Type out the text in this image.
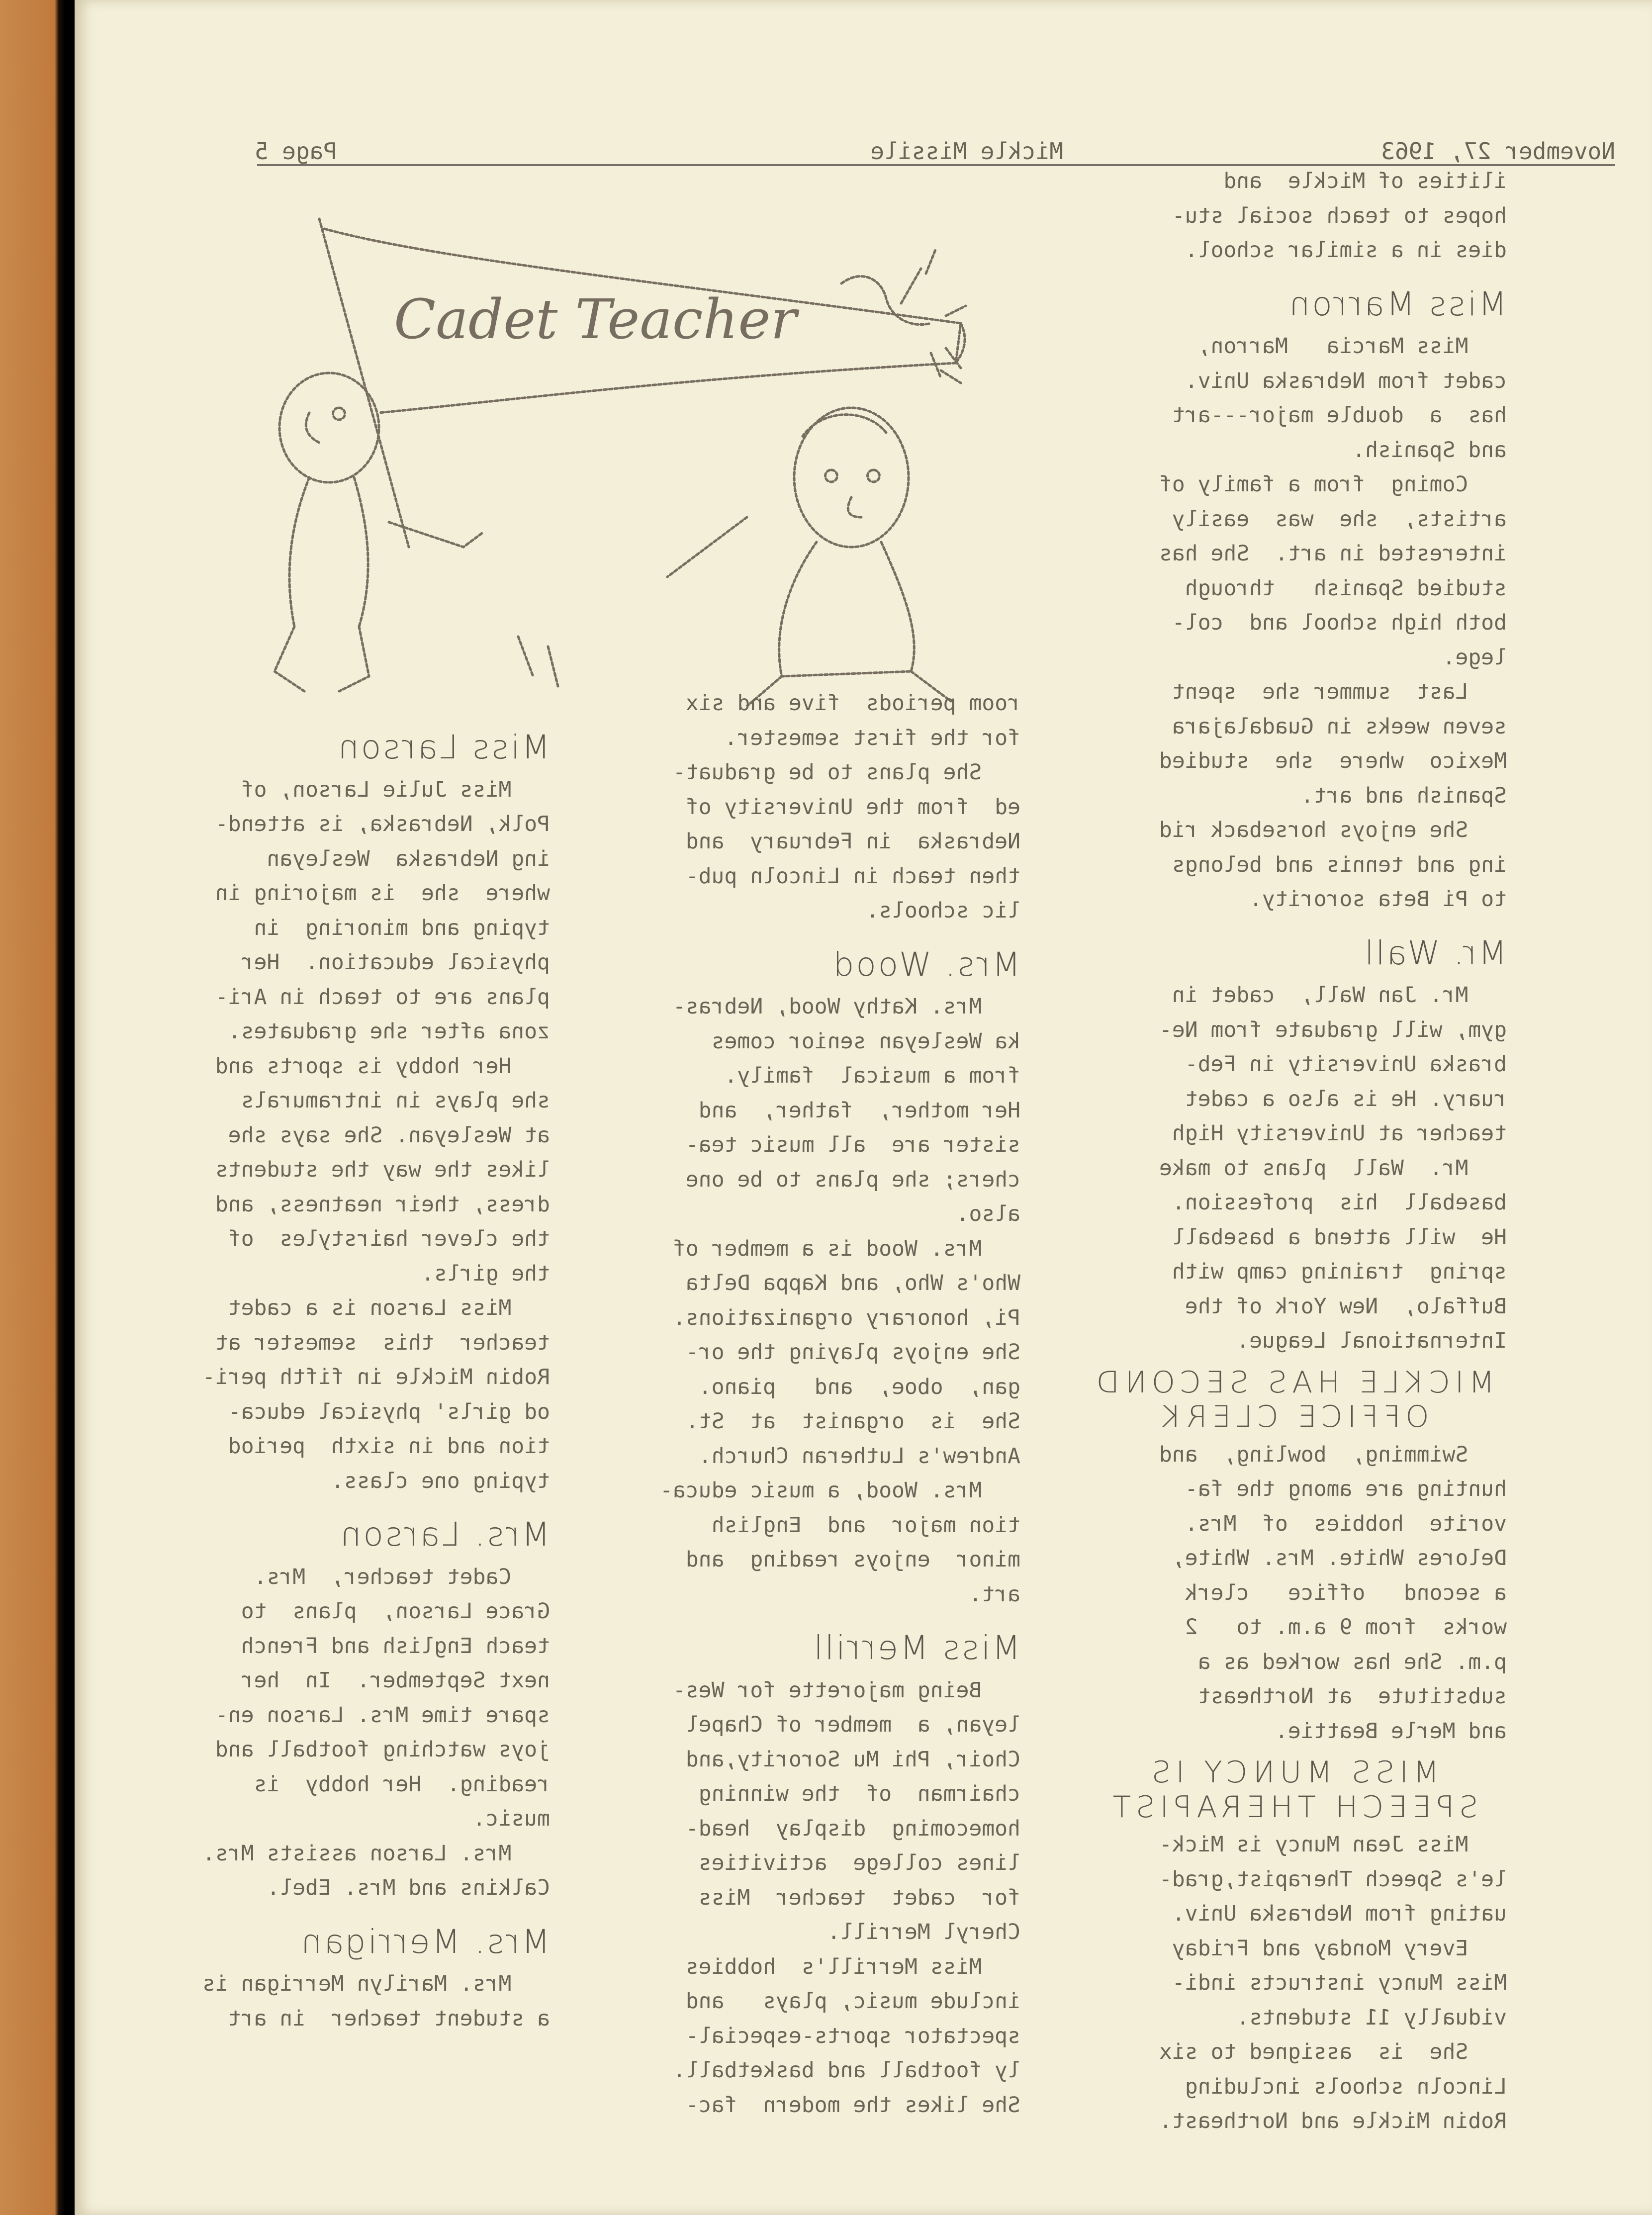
November 27, 1963
Mickle Missile
Page 5
Cadet Teacher
Miss Larson

Miss Julie Larson, of

Polk, Nebraska, is attend-

ing Nebraska  Wesleyan

where  she  is majoring in

typing and minoring  in

physical education.  Her

plans are to teach in Ari-

zona after she graduates.

Her hobby is sports and

she plays in intramurals

at Wesleyan. She says she

likes the way the students

dress, their neatness, and

the clever hairstyles  of

the girls.

Miss Larson is a cadet

teacher  this  semester at

Robin Mickle in fifth peri-

od girls' physical educa-

tion and in sixth  period

typing one class.

Mrs. Larson

Cadet teacher,  Mrs.

Grace Larson,  plans  to

teach English and French

next September.  In  her

spare time Mrs. Larson en-

joys watching football and

reading.  Her hobby  is

music.

Mrs. Larson assists Mrs.

Calkins and Mrs. Ebel.

Mrs. Merrigan

Mrs. Marilyn Merrigan is

a student teacher  in art

room periods  five and six

for the first semester.

She plans to be graduat-

ed  from the University of

Nebraska  in February  and

then teach in Lincoln pub-

lic schools.

Mrs. Wood

Mrs. Kathy Wood, Nebras-

ka Wesleyan senior comes

from a musical  family.

Her mother,  father,  and

sister are  all music tea-

chers; she plans to be one

also.

Mrs. Wood is a member of

Who's Who, and Kappa Delta

Pi, honorary organizations.

She enjoys playing the or-

gan,  oboe,  and   piano.

She  is  organist  at  St.

Andrew's Lutheran Church.

Mrs. Wood, a music educa-

tion major  and  English

minor  enjoys reading  and

art.

Miss Merrill

Being majorette for Wes-

leyan, a  member of Chapel

Choir, Phi Mu Sorority,and

chairman  of  the winning

homecoming  display  head-

lines college  activities

for  cadet  teacher  Miss

Cheryl Merrill.

Miss Merrill's  hobbies

include music, plays   and

spectator sports-especial-

ly football and basketball.

She likes the modern  fac-

ilities of Mickle  and

hopes to teach social stu-

dies in a similar school.

Miss Marron

Miss Marcia   Marron,

cadet from Nebraska Univ.

has  a  double major---art

and Spanish.

Coming  from a family of

artists,  she  was  easily

interested in art.  She has

studied Spanish   through

both high school and  col-

lege.

Last  summer she  spent

seven weeks in Guadalajara

Mexico  where  she  studied

Spanish and art.

She enjoys horseback rid

ing and tennis and belongs

to Pi Beta sorority.

Mr. Wall

Mr. Jan Wall,  cadet in

gym, will graduate from Ne-

braska University in Feb-

ruary. He is also a cadet

teacher at University High

Mr.  Wall  plans to make

baseball  his  profession.

He  will attend a baseball

spring  training camp with

Buffalo,  New York of the

International League.

MICKLE HAS SECOND OFFICE CLERK

Swimming,  bowling,  and

hunting are among the fa-

vorite  hobbies  of  Mrs.

Delores White. Mrs. White,

a second   office   clerk

works  from 9 a.m. to   2

p.m. She has worked as a

substitute  at Northeast

and Merle Beattie.

MISS MUNCY IS SPEECH THERAPIST

Miss Jean Muncy is Mick-

le's Speech Therapist,grad-

uating from Nebraska Univ.

Every Monday and Friday

Miss Muncy instructs indi-

vidually 11 students.

She  is  assigned to six

Lincoln schools including

Robin Mickle and Northeast.
